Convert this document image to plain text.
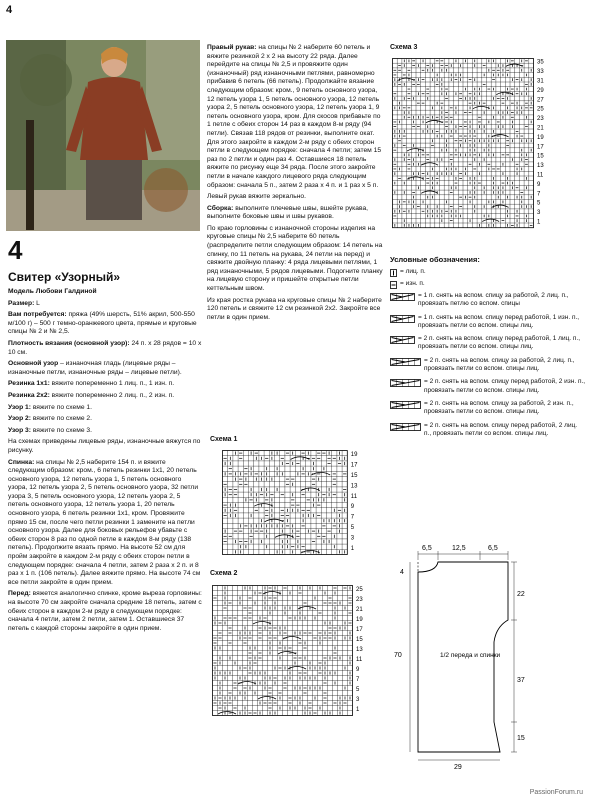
4
4
Свитер «Узорный»

Модель Любови Галдиной

Размер: L

Вам потребуется: пряжа (49% шерсть, 51% акрил, 500-550 м/100 г) – 500 г темно-оранжевого цвета, прямые и круговые спицы № 2 и № 2,5.

Плотность вязания (основной узор): 24 п. х 28 рядов = 10 х 10 см.

Основной узор – изнаночная гладь (лицевые ряды – изнаночные петли, изнаночные ряды – лицевые петли).

Резинка 1х1: вяжите попеременно 1 лиц. п., 1 изн. п.

Резинка 2х2: вяжите попеременно 2 лиц. п., 2 изн. п.

Узор 1: вяжите по схеме 1.

Узор 2: вяжите по схеме 2.

Узор 3: вяжите по схеме 3.

На схемах приведены лицевые ряды, изнаночные вяжутся по рисунку.

Спинка: на спицы № 2,5 наберите 154 п. и вяжите следующим образом: кром., 6 петель резинки 1х1, 20 петель основного узора, 12 петель узора 1, 5 петель основного узора, 12 петель узора 2, 5 петель основного узора, 32 петли узора 3, 5 петель основного узора, 12 петель узора 2, 5 петель основного узора, 12 петель узора 1, 20 петель основного узора, 6 петель резинки 1х1, кром. Провяжите прямо 15 см, после чего петли резинки 1 замените на петли основного узора. Далее для боковых рельефов убавьте с обеих сторон 8 раз по одной петле в каждом 8-м ряду (138 петель). Продолжите вязать прямо. На высоте 52 см для пройм закройте в каждом 2-м ряду с обеих сторон петли в следующем порядке: сначала 4 петли, затем 2 раза х 2 п. и 8 раз х 1 п. (106 петель). Далее вяжите прямо. На высоте 74 см все петли закройте в один прием.

Перед: вяжется аналогично спинке, кроме выреза горловины: на высоте 70 см закройте сначала средние 18 петель, затем с обеих сторон в каждом 2-м ряду в следующем порядке: сначала 4 петли, затем 2 петли, затем 1. Оставшиеся 37 петель с каждой стороны закройте в один прием.

Схема 1
19
17
15
13
11
9
7
5
3
1
Схема 2
25
23
21
19
17
15
13
11
9
7
5
3
1
Схема 3
35
33
31
29
27
25
23
21
19
17
15
13
11
9
7
5
3
1
Условные обозначения:
= лиц. п.
= изн. п.
= 1 п. снять на вспом. спицу за работой, 2 лиц. п., провязать петлю со вспом. спицы
= 1 п. снять на вспом. спицу перед работой, 1 изн. п., провязать петли со вспом. спицы лиц.
= 2 п. снять на вспом. спицу перед работой, 1 лиц. п., провязать петли со вспом. спицы лиц.
= 2 п. снять на вспом. спицу за работой, 2 лиц. п., провязать петли со вспом. спицы лиц.
= 2 п. снять на вспом. спицу перед работой, 2 изн. п., провязать петли со вспом. спицы лиц.
= 2 п. снять на вспом. спицу за работой, 2 изн. п., провязать петли со вспом. спицы лиц.
= 2 п. снять на вспом. спицу перед работой, 2 лиц. п., провязать петли со вспом. спицы лиц.
6,5	12,5	6,5
4
70
22
37
15
29
1/2 переда и спинки
PassionForum.ru

Правый рукав: на спицы № 2 наберите 60 петель и вяжите резинкой 2 х 2 на высоту 22 ряда. Далее перейдите на спицы № 2,5 и провяжите один (изнаночный) ряд изнаночными петлями, равномерно прибавив 6 петель (66 петель). Продолжайте вязание следующим образом: кром., 9 петель основного узора, 12 петель узора 1, 5 петель основного узора, 12 петель узора 2, 5 петель основного узора, 12 петель узора 1, 9 петель основного узора, кром. Для скосов прибавьте по 1 петле с обеих сторон 14 раз в каждом 8-м ряду (94 петли). Связав 118 рядов от резинки, выполните окат. Для этого закройте в каждом 2-м ряду с обеих сторон петли в следующем порядке: сначала 4 петли; затем 15 раз по 2 петли и один раз 4. Оставшиеся 18 петель вяжите по рисунку еще 34 ряда. После этого закройте петли в начале каждого лицевого ряда следующим образом: сначала 5 п., затем 2 раза х 4 п. и 1 раз х 5 п.

Левый рукав вяжите зеркально.

Сборка: выполните плечевые швы, вшейте рукава, выполните боковые швы и швы рукавов.

По краю горловины с изнаночной стороны изделия на круговые спицы № 2,5 наберите 60 петель (распределите петли следующим образом: 14 петель на спинку, по 11 петель на рукава, 24 петли на перед) и свяжите двойную планку: 4 ряда лицевыми петлями, 1 ряд изнаночными, 5 рядов лицевыми. Подогните планку на лицевую сторону и пришейте открытые петли кеттельным швом.

Из края ростка рукава на круговые спицы № 2 наберите 120 петель и свяжите 12 см резинкой 2х2. Закройте все петли в один прием.
